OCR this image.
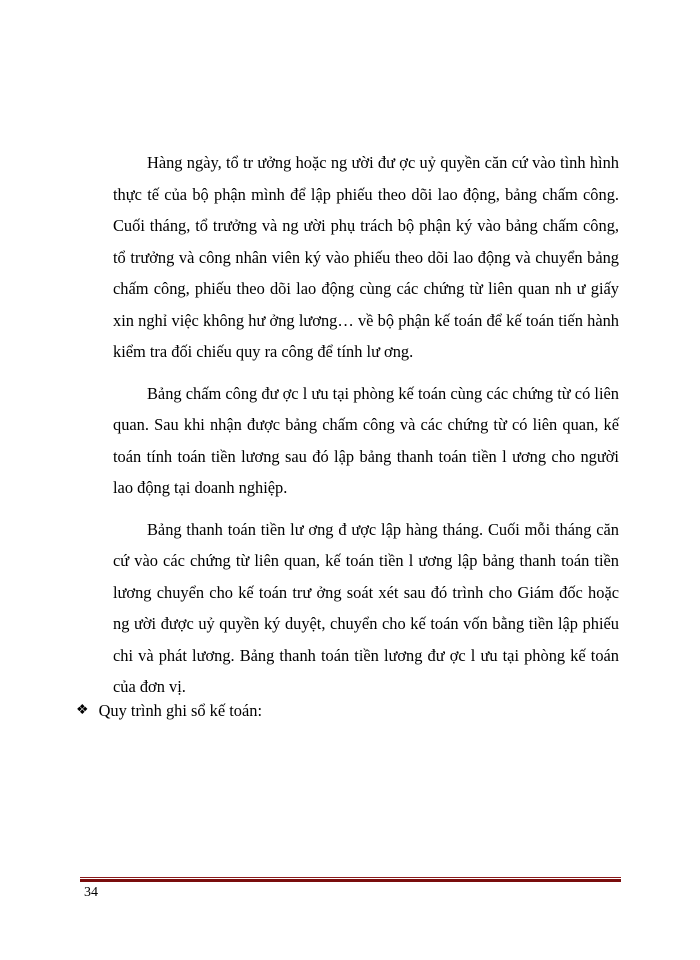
Hàng ngày, tổ tr ưởng hoặc ng ười đư ợc uỷ quyền căn cứ vào tình hình thực tế của bộ phận mình để lập phiếu theo dõi lao động, bảng chấm công. Cuối tháng, tổ trưởng và ng ười phụ trách bộ phận ký vào bảng chấm công, tổ trưởng và công nhân viên ký vào phiếu theo dõi lao động và chuyển bảng chấm công, phiếu theo dõi lao động cùng các chứng từ liên quan nh ư giấy xin nghỉ việc không hư ởng lương… về bộ phận kế toán để kế toán tiến hành kiểm tra đối chiếu quy ra công để tính lư ơng.

Bảng chấm công đư ợc l ưu tại phòng kế toán cùng các chứng từ có liên quan. Sau khi nhận được bảng chấm công và các chứng từ có liên quan, kế toán tính toán tiền lương sau đó lập bảng thanh toán tiền l ương cho người lao động tại doanh nghiệp.

Bảng thanh toán tiền lư ơng đ ược lập hàng tháng. Cuối mỗi tháng căn cứ vào các chứng từ liên quan, kế toán tiền l ương lập bảng thanh toán tiền lương chuyển cho kế toán trư ởng soát xét sau đó trình cho Giám đốc hoặc ng ười được uỷ quyền ký duyệt, chuyển cho kế toán vốn bằng tiền lập phiếu chi và phát lương. Bảng thanh toán tiền lương đư ợc l ưu tại phòng kế toán của đơn vị.

❖ Quy trình ghi sổ kế toán:
34
